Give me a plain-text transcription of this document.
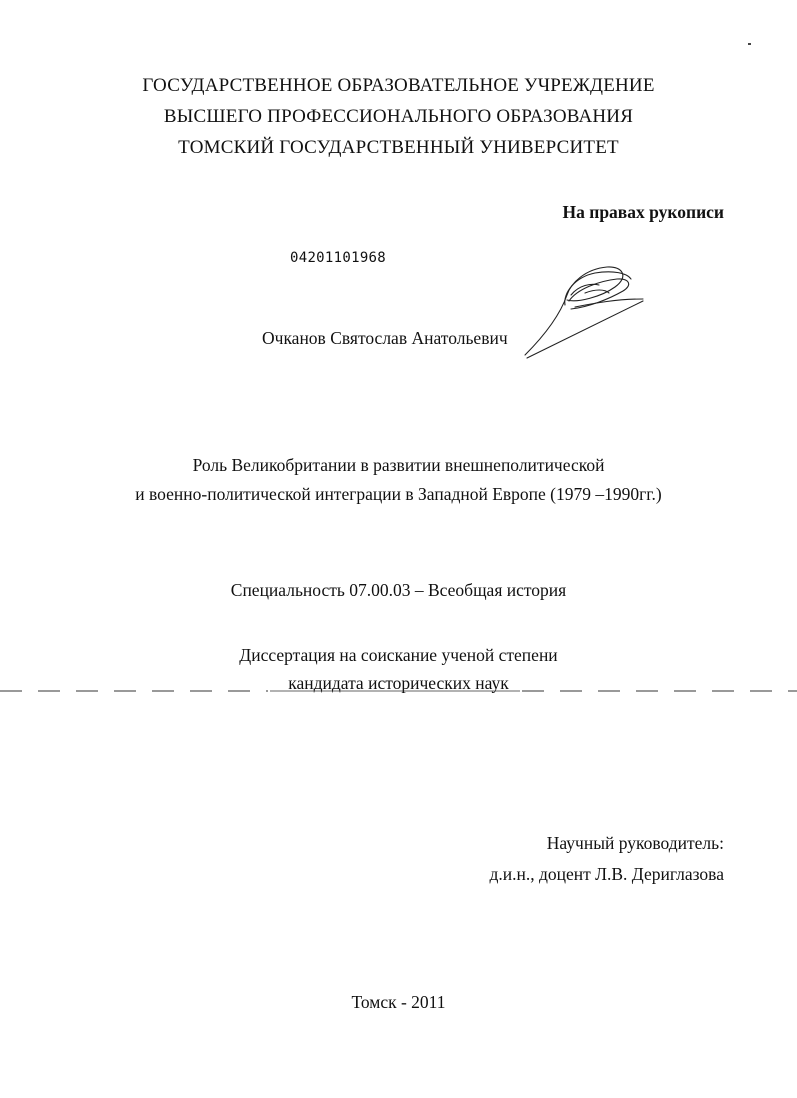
ГОСУДАРСТВЕННОЕ ОБРАЗОВАТЕЛЬНОЕ УЧРЕЖДЕНИЕ
ВЫСШЕГО ПРОФЕССИОНАЛЬНОГО ОБРАЗОВАНИЯ
ТОМСКИЙ ГОСУДАРСТВЕННЫЙ УНИВЕРСИТЕТ
На правах рукописи
04201101968
Очканов Святослав Анатольевич
Роль Великобритании в развитии внешнеполитической
и военно-политической интеграции в Западной Европе (1979 –1990гг.)
Специальность 07.00.03 – Всеобщая история
Диссертация на соискание ученой степени
кандидата исторических наук
Научный руководитель:
д.и.н., доцент Л.В. Дериглазова
Томск - 2011
